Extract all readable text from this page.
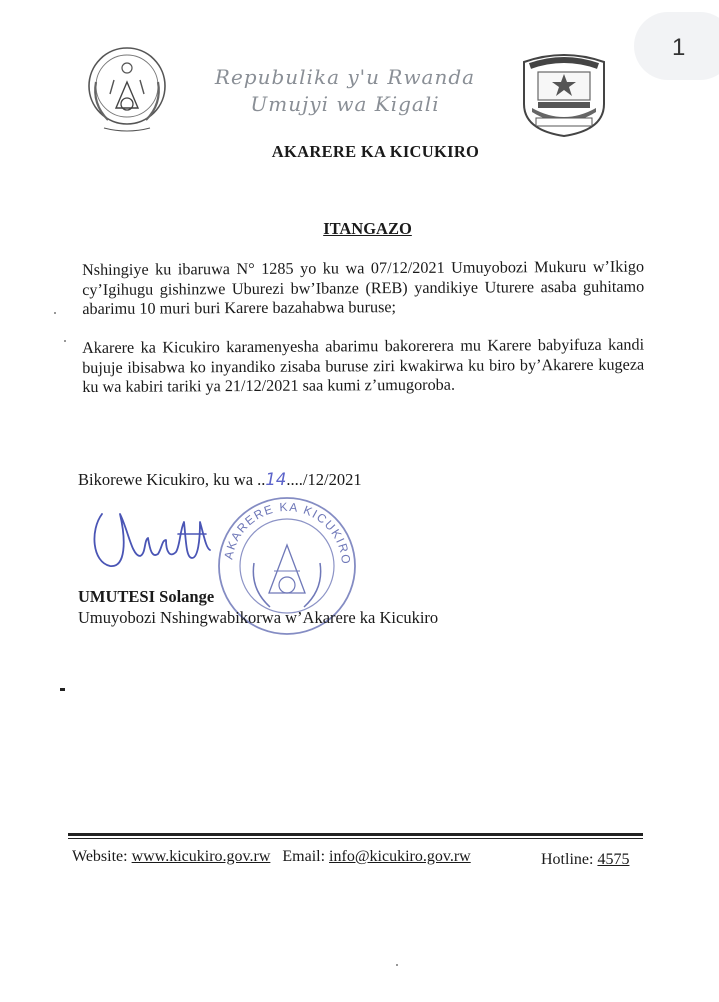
1
Repubulika y'u Rwanda
Umujyi wa Kigali
AKARERE KA KICUKIRO
ITANGAZO
Nshingiye ku ibaruwa N° 1285 yo ku wa 07/12/2021 Umuyobozi Mukuru w’Ikigo cy’Igihugu gishinzwe Uburezi bw’Ibanze (REB) yandikiye Uturere asaba guhitamo abarimu 10 muri buri Karere bazahabwa buruse;
Akarere ka Kicukiro karamenyesha abarimu bakorerera mu Karere babyifuza kandi bujuje ibisabwa ko inyandiko zisaba buruse ziri kwakirwa ku biro by’Akarere kugeza ku wa kabiri tariki ya 21/12/2021 saa kumi z’umugoroba.
Bikorewe Kicukiro, ku wa ..14..../12/2021
AKARERE KA KICUKIRO
UMUTESI Solange
Umuyobozi Nshingwabikorwa w’Akarere ka Kicukiro
Website: www.kicukiro.gov.rw Email: info@kicukiro.gov.rw	Hotline: 4575
